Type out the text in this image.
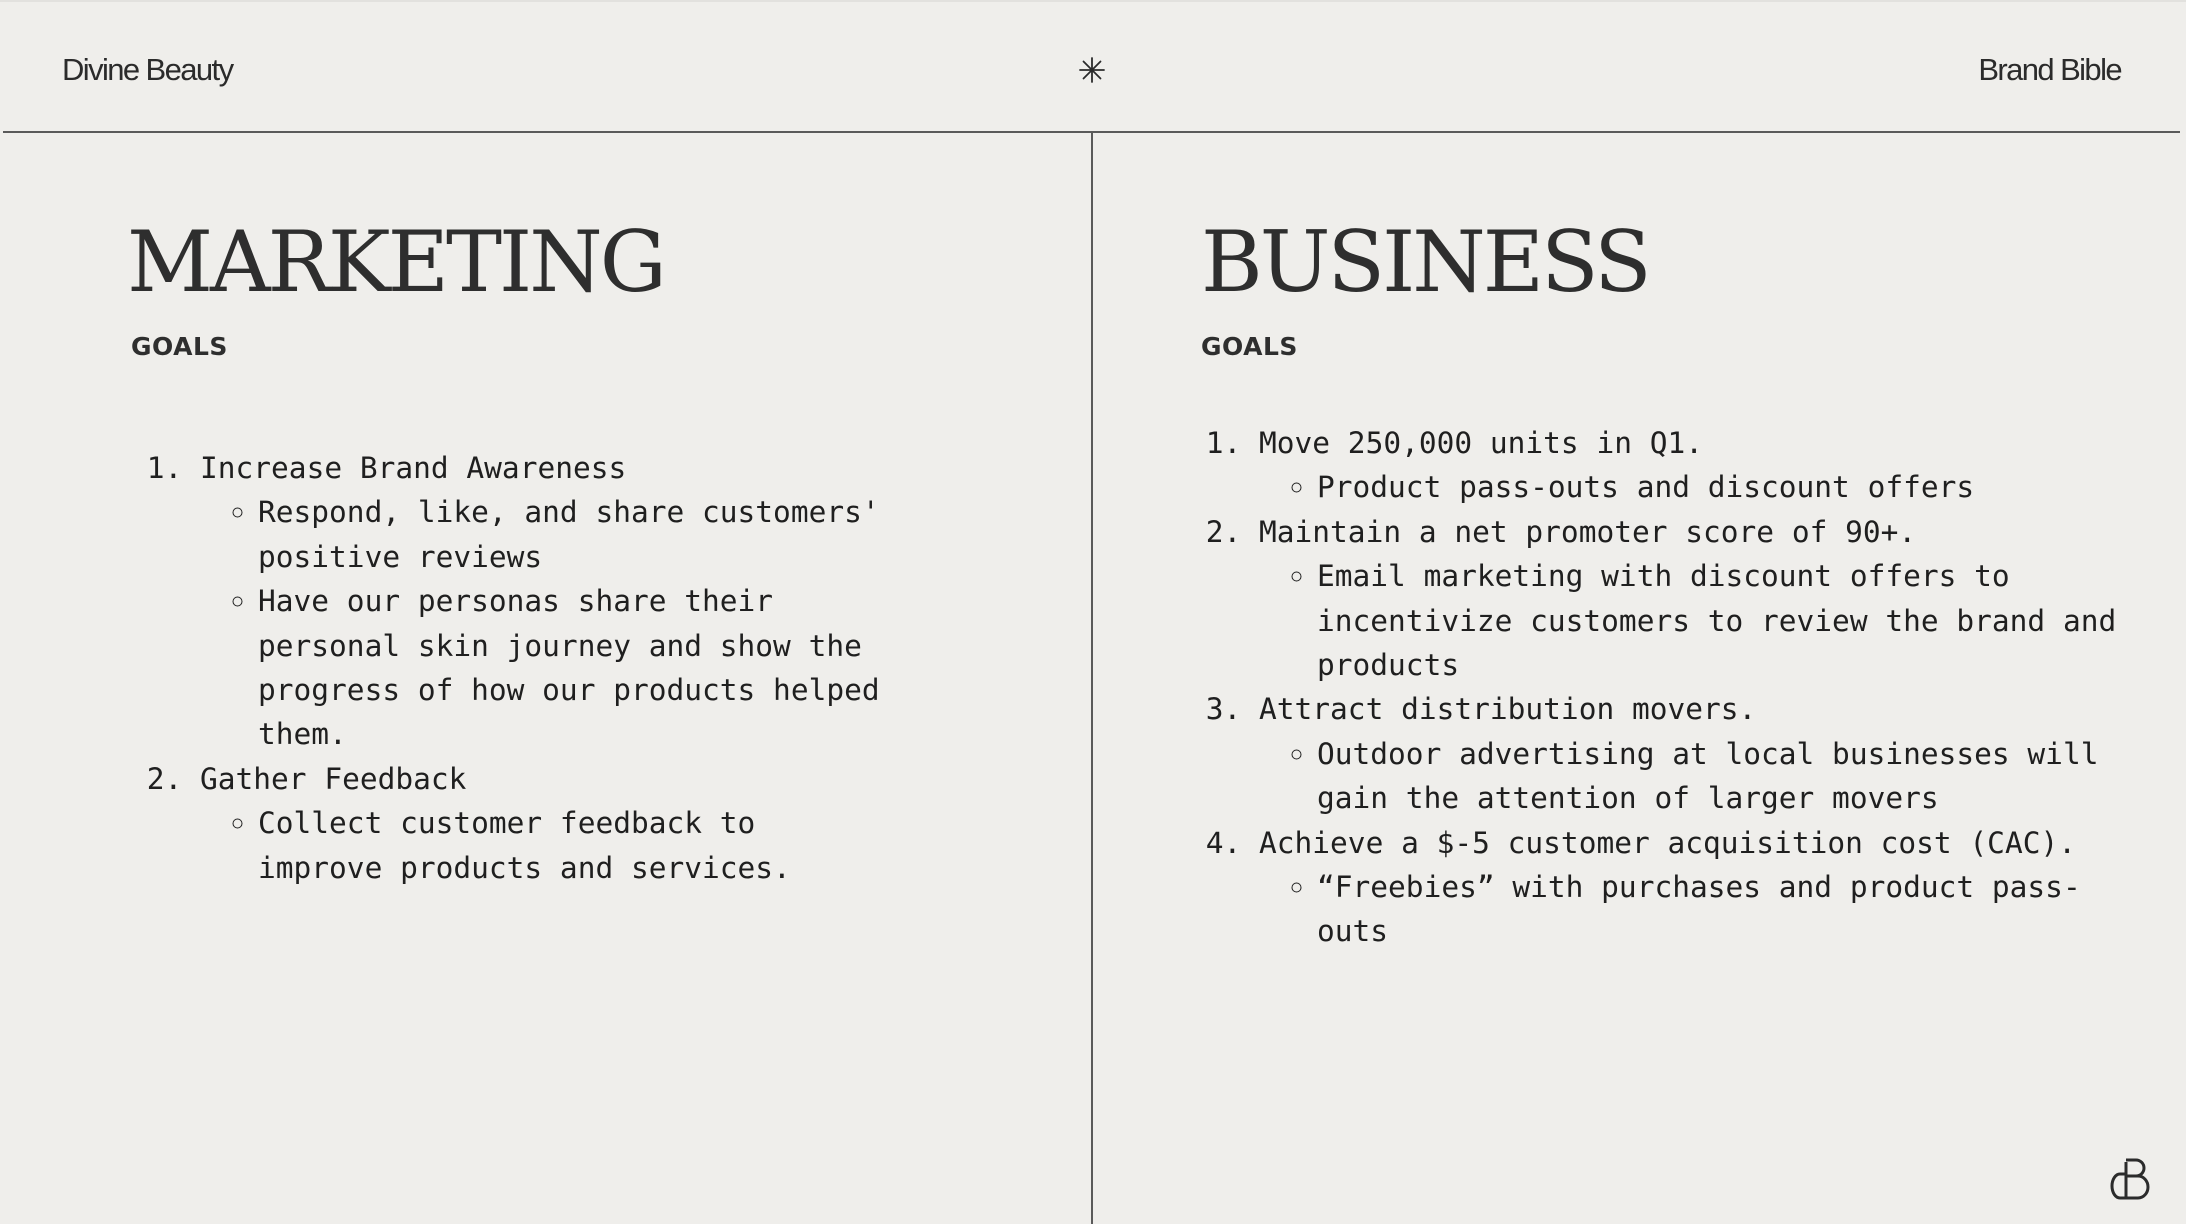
Divine Beauty	Brand Bible
MARKETING
GOALS
1. Increase Brand Awareness
◦ Respond, like, and share customers' positive reviews
◦ Have our personas share their personal skin journey and show the progress of how our products helped them.
2. Gather Feedback
◦ Collect customer feedback to improve products and services.
BUSINESS
GOALS
1. Move 250,000 units in Q1.
◦ Product pass-outs and discount offers
2. Maintain a net promoter score of 90+.
◦ Email marketing with discount offers to incentivize customers to review the brand and products
3. Attract distribution movers.
◦ Outdoor advertising at local businesses will gain the attention of larger movers
4. Achieve a $-5 customer acquisition cost (CAC).
◦ “Freebies” with purchases and product pass-outs
